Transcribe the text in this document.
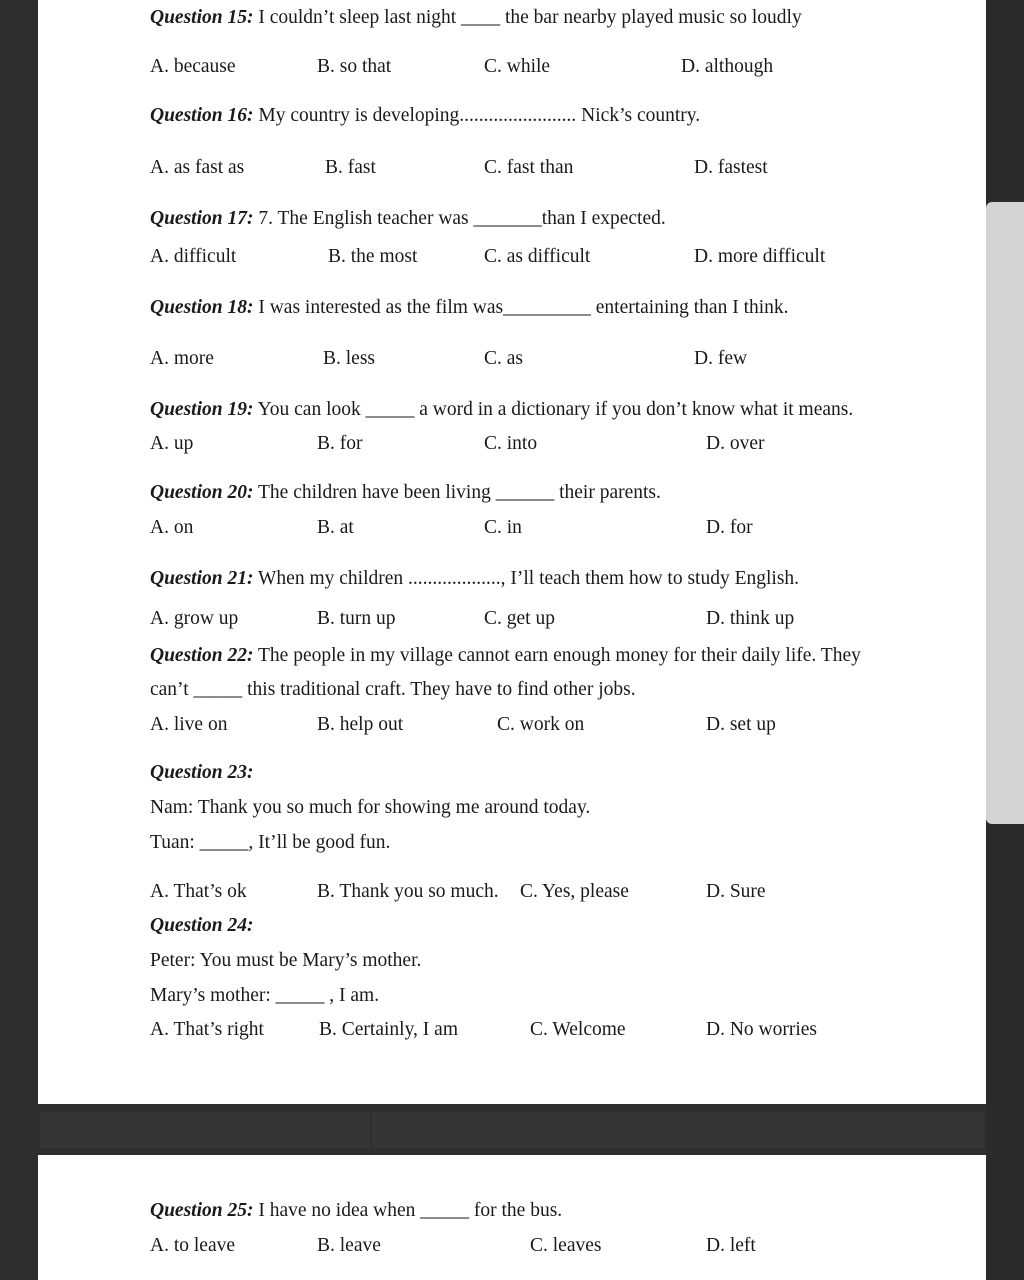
Question 15: I couldn’t sleep last night ____ the bar nearby played music so loudly
A. because	B. so that	C. while	D. although
Question 16: My country is developing........................ Nick’s country.
A. as fast as	B. fast	C. fast than	D. fastest
Question 17: 7. The English teacher was _______than I expected.
A. difficult	B. the most	C. as difficult	D. more difficult
Question 18: I was interested as the film was_________ entertaining than I think.
A. more	B. less	C. as	D. few
Question 19: You can look _____ a word in a dictionary if you don’t know what it means.
A. up	B. for	C. into	D. over
Question 20: The children have been living ______ their parents.
A. on	B. at	C. in	D. for
Question 21: When my children ..................., I’ll teach them how to study English.
A. grow up	B. turn up	C. get up	D. think up
Question 22: The people in my village cannot earn enough money for their daily life. They
can’t _____ this traditional craft. They have to find other jobs.
A. live on	B. help out	C. work on	D. set up
Question 23:
Nam: Thank you so much for showing me around today.
Tuan: _____, It’ll be good fun.
A. That’s ok	B. Thank you so much. C. Yes, please	D. Sure
Question 24:
Peter: You must be Mary’s mother.
Mary’s mother: _____ , I am.
A. That’s right	B. Certainly, I am	C. Welcome	D. No worries
Question 25: I have no idea when _____ for the bus.
A. to leave	B. leave	C. leaves	D. left
